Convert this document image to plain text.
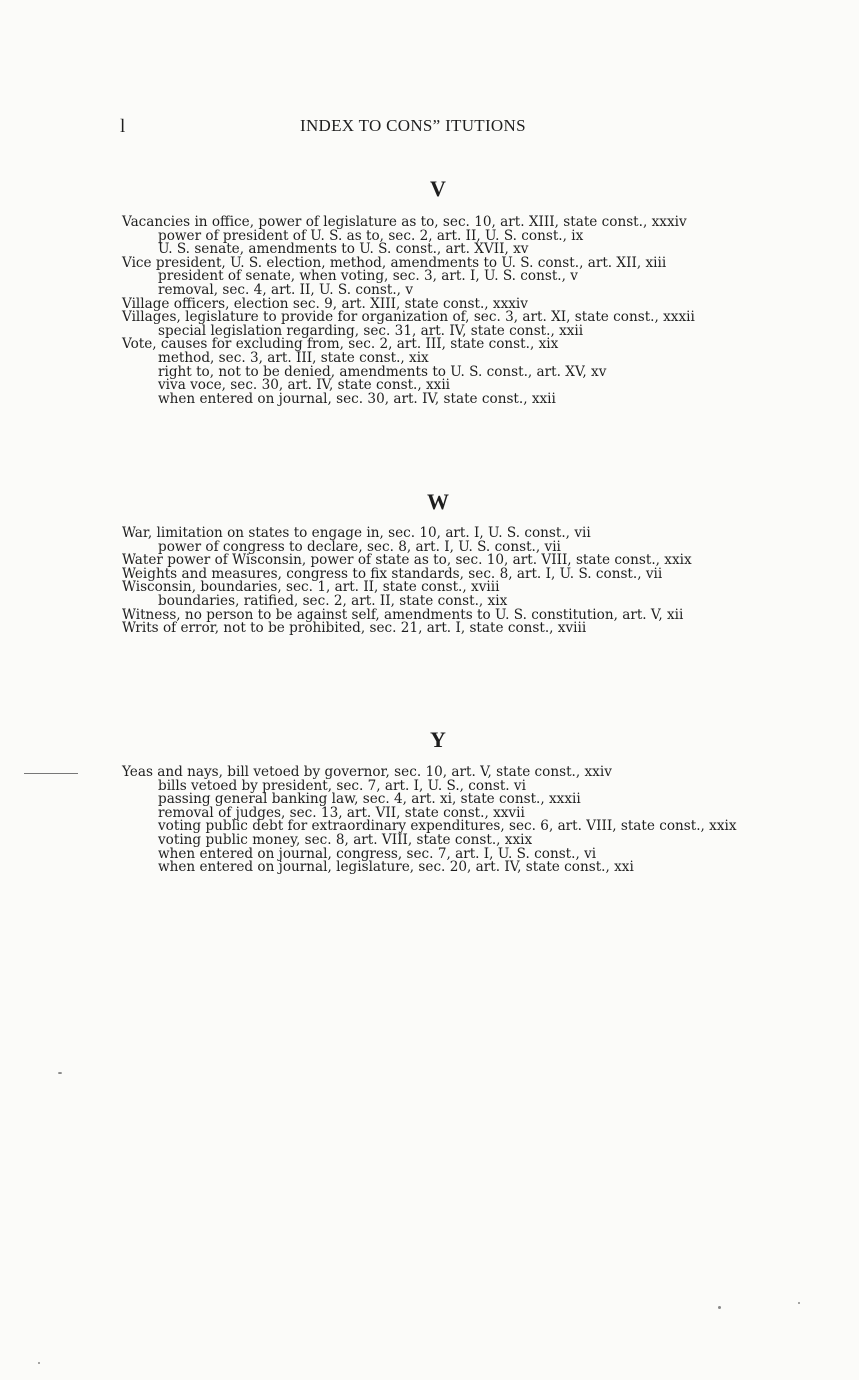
l	INDEX TO CONS” ITUTIONS
V

Vacancies in office, power of legislature as to, sec. 10, art. XIII, state const., xxxiv

power of president of U. S. as to, sec. 2, art. II, U. S. const., ix

U. S. senate, amendments to U. S. const., art. XVII, xv

Vice president, U. S. election, method, amendments to U. S. const., art. XII, xiii

president of senate, when voting, sec. 3, art. I, U. S. const., v

removal, sec. 4, art. II, U. S. const., v

Village officers, election sec. 9, art. XIII, state const., xxxiv

Villages, legislature to provide for organization of, sec. 3, art. XI, state const., xxxii

special legislation regarding, sec. 31, art. IV, state const., xxii

Vote, causes for excluding from, sec. 2, art. III, state const., xix

method, sec. 3, art. III, state const., xix

right to, not to be denied, amendments to U. S. const., art. XV, xv

viva voce, sec. 30, art. IV, state const., xxii

when entered on journal, sec. 30, art. IV, state const., xxii

W

War, limitation on states to engage in, sec. 10, art. I, U. S. const., vii

power of congress to declare, sec. 8, art. I, U. S. const., vii

Water power of Wisconsin, power of state as to, sec. 10, art. VIII, state const., xxix

Weights and measures, congress to fix standards, sec. 8, art. I, U. S. const., vii

Wisconsin, boundaries, sec. 1, art. II, state const., xviii

boundaries, ratified, sec. 2, art. II, state const., xix

Witness, no person to be against self, amendments to U. S. constitution, art. V, xii

Writs of error, not to be prohibited, sec. 21, art. I, state const., xviii

Y

Yeas and nays, bill vetoed by governor, sec. 10, art. V, state const., xxiv

bills vetoed by president, sec. 7, art. I, U. S., const. vi

passing general banking law, sec. 4, art. xi, state const., xxxii

removal of judges, sec. 13, art. VII, state const., xxvii

voting public debt for extraordinary expenditures, sec. 6, art. VIII, state const., xxix

voting public money, sec. 8, art. VIII, state const., xxix

when entered on journal, congress, sec. 7, art. I, U. S. const., vi

when entered on journal, legislature, sec. 20, art. IV, state const., xxi
